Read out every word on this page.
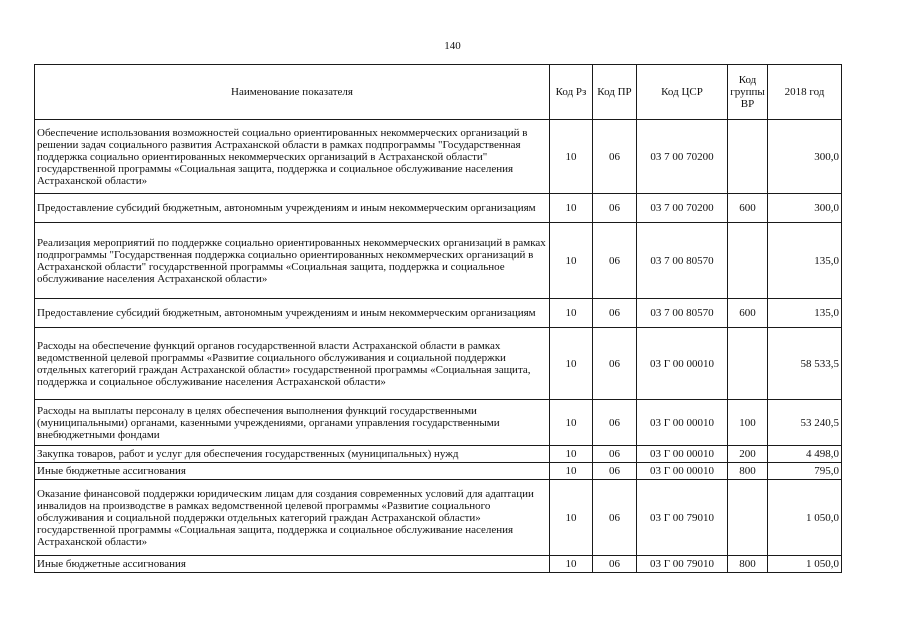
140
Наименование показателя	Код Рз	Код ПР	Код ЦСР	Код группы ВР	2018 год
Обеспечение использования возможностей социально ориентированных некоммерческих организаций в решении задач социального развития Астраханской области в рамках подпрограммы "Государственная поддержка социально ориентированных некоммерческих организаций в Астраханской области" государственной программы «Социальная защита, поддержка и социальное обслуживание населения Астраханской области»	10	06	03 7 00 70200		300,0
Предоставление субсидий бюджетным, автономным учреждениям и иным некоммерческим организациям	10	06	03 7 00 70200	600	300,0
Реализация мероприятий по поддержке социально ориентированных некоммерческих организаций в рамках подпрограммы "Государственная поддержка социально ориентированных некоммерческих организаций в Астраханской области" государственной программы «Социальная защита, поддержка и социальное обслуживание населения Астраханской области»	10	06	03 7 00 80570		135,0
Предоставление субсидий бюджетным, автономным учреждениям и иным некоммерческим организациям	10	06	03 7 00 80570	600	135,0
Расходы на обеспечение функций органов государственной власти Астраханской области в рамках ведомственной целевой программы «Развитие социального обслуживания и социальной поддержки отдельных категорий граждан Астраханской области» государственной программы «Социальная защита, поддержка и социальное обслуживание населения Астраханской области»	10	06	03 Г 00 00010		58 533,5
Расходы на выплаты персоналу в целях обеспечения выполнения функций государственными (муниципальными) органами, казенными учреждениями, органами управления государственными внебюджетными фондами	10	06	03 Г 00 00010	100	53 240,5
Закупка товаров, работ и услуг для обеспечения государственных (муниципальных) нужд	10	06	03 Г 00 00010	200	4 498,0
Иные бюджетные ассигнования	10	06	03 Г 00 00010	800	795,0
Оказание финансовой поддержки юридическим лицам для создания современных условий для адаптации инвалидов на производстве в рамках ведомственной целевой программы «Развитие социального обслуживания и социальной поддержки отдельных категорий граждан Астраханской области» государственной программы «Социальная защита, поддержка и социальное обслуживание населения Астраханской области»	10	06	03 Г 00 79010		1 050,0
Иные бюджетные ассигнования	10	06	03 Г 00 79010	800	1 050,0
